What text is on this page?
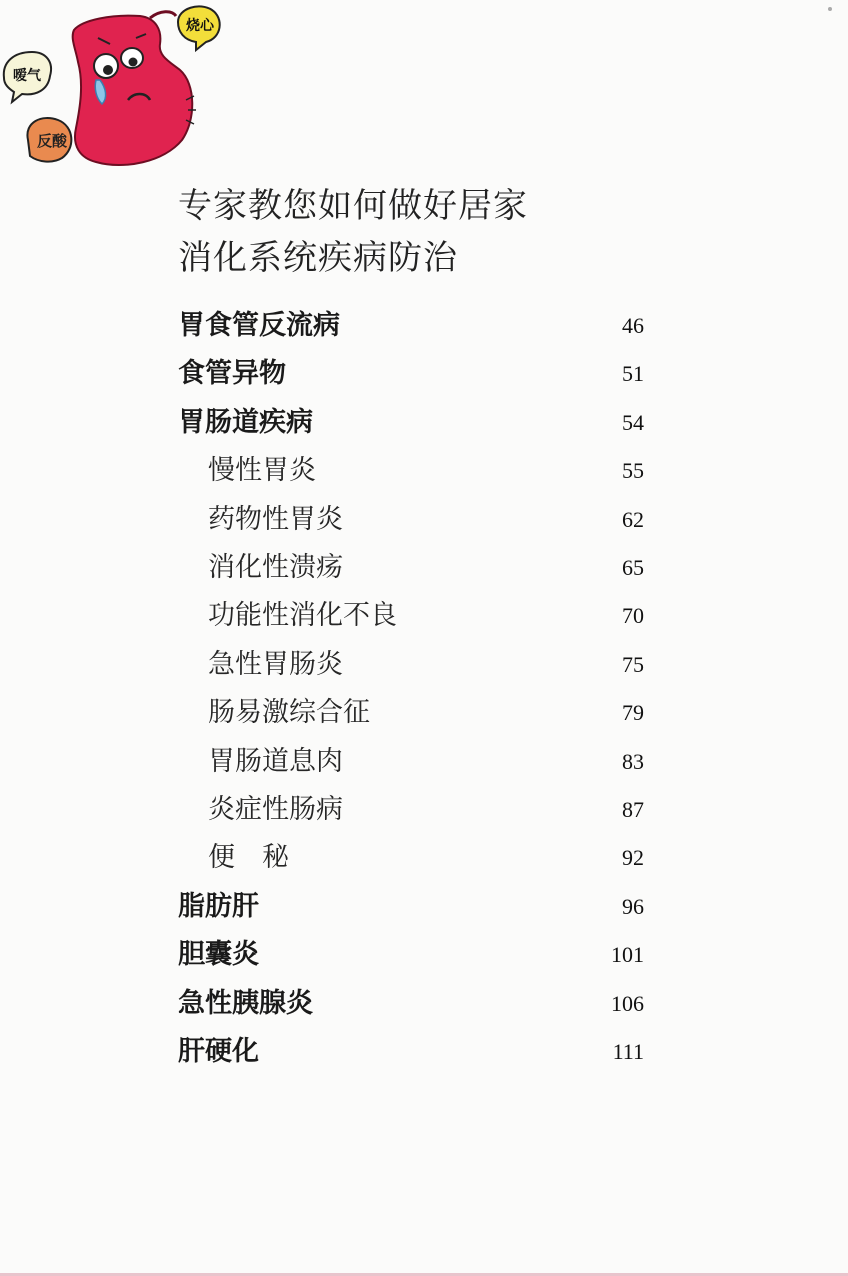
烧心
反酸
嗳气
专家教您如何做好居家
消化系统疾病防治
胃食管反流病	46
食管异物	51
胃肠道疾病	54
慢性胃炎	55
药物性胃炎	62
消化性溃疡	65
功能性消化不良	70
急性胃肠炎	75
肠易激综合征	79
胃肠道息肉	83
炎症性肠病	87
便　秘	92
脂肪肝	96
胆囊炎	101
急性胰腺炎	106
肝硬化	111
